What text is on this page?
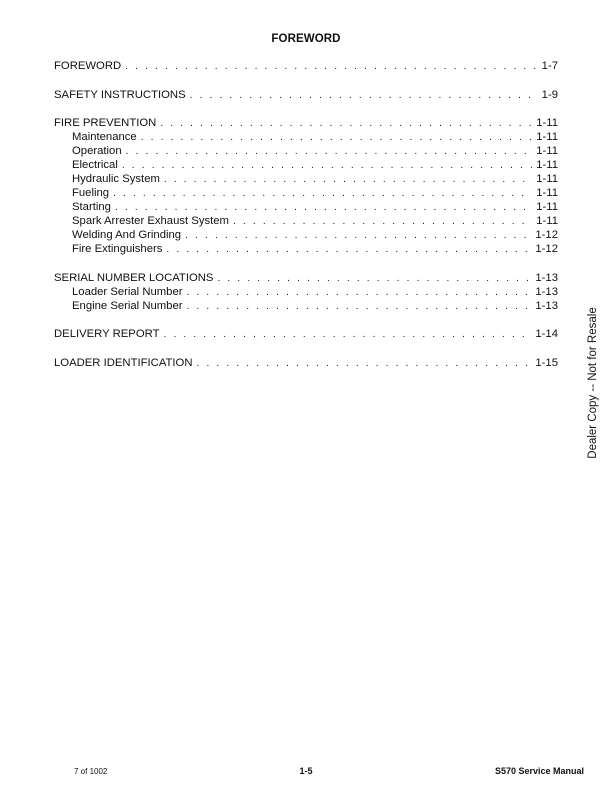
FOREWORD
FOREWORD . . .	1-7
SAFETY INSTRUCTIONS . . .	1-9
FIRE PREVENTION . . .	1-11
Maintenance . . .	1-11
Operation . . .	1-11
Electrical . . .	1-11
Hydraulic System . . .	1-11
Fueling . . .	1-11
Starting . . .	1-11
Spark Arrester Exhaust System . . .	1-11
Welding And Grinding . . .	1-12
Fire Extinguishers . . .	1-12
SERIAL NUMBER LOCATIONS . . .	1-13
Loader Serial Number . . .	1-13
Engine Serial Number . . .	1-13
DELIVERY REPORT . . .	1-14
LOADER IDENTIFICATION . . .	1-15	Dealer Copy -- Not for Resale
7 of 1002	1-5	S570 Service Manual
